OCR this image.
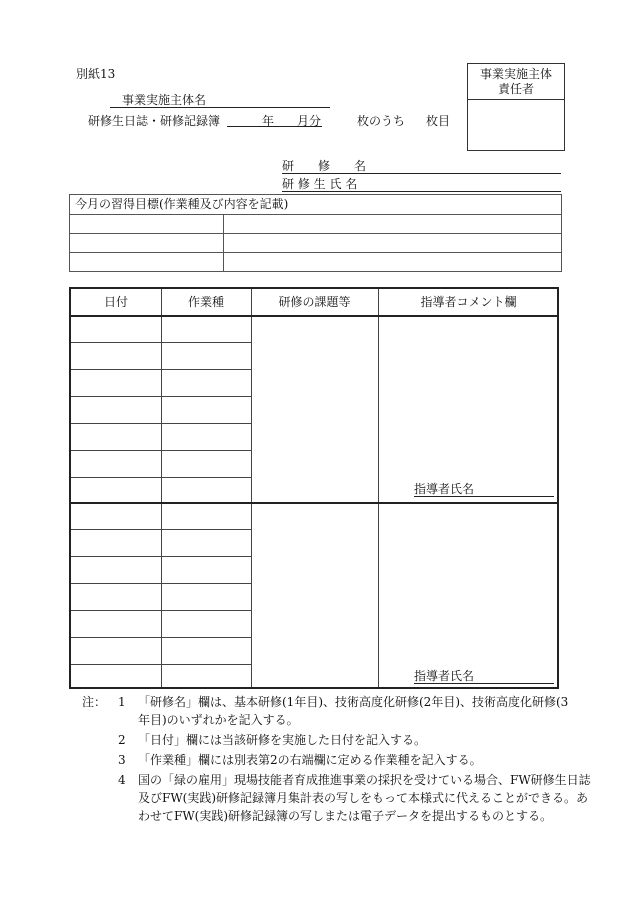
別紙13	事業実施主体
責任者
事業実施主体名
研修生日誌・研修記録簿	年 月分	枚のうち 枚目
研　　修　　名
研 修 生 氏 名
今月の習得目標(作業種及び内容を記載)

日付	作業種	研修の課題等	指導者コメント欄
指導者氏名
指導者氏名
注： 1 「研修名」欄は、基本研修(1年目)、技術高度化研修(2年目)、技術高度化研修(3
年目)のいずれかを記入する。
2 「日付」欄には当該研修を実施した日付を記入する。
3 「作業種」欄には別表第2の右端欄に定める作業種を記入する。
4 国の「緑の雇用」現場技能者育成推進事業の採択を受けている場合、FW研修生日誌
及びFW(実践)研修記録簿月集計表の写しをもって本様式に代えることができる。あ
わせてFW(実践)研修記録簿の写しまたは電子データを提出するものとする。
